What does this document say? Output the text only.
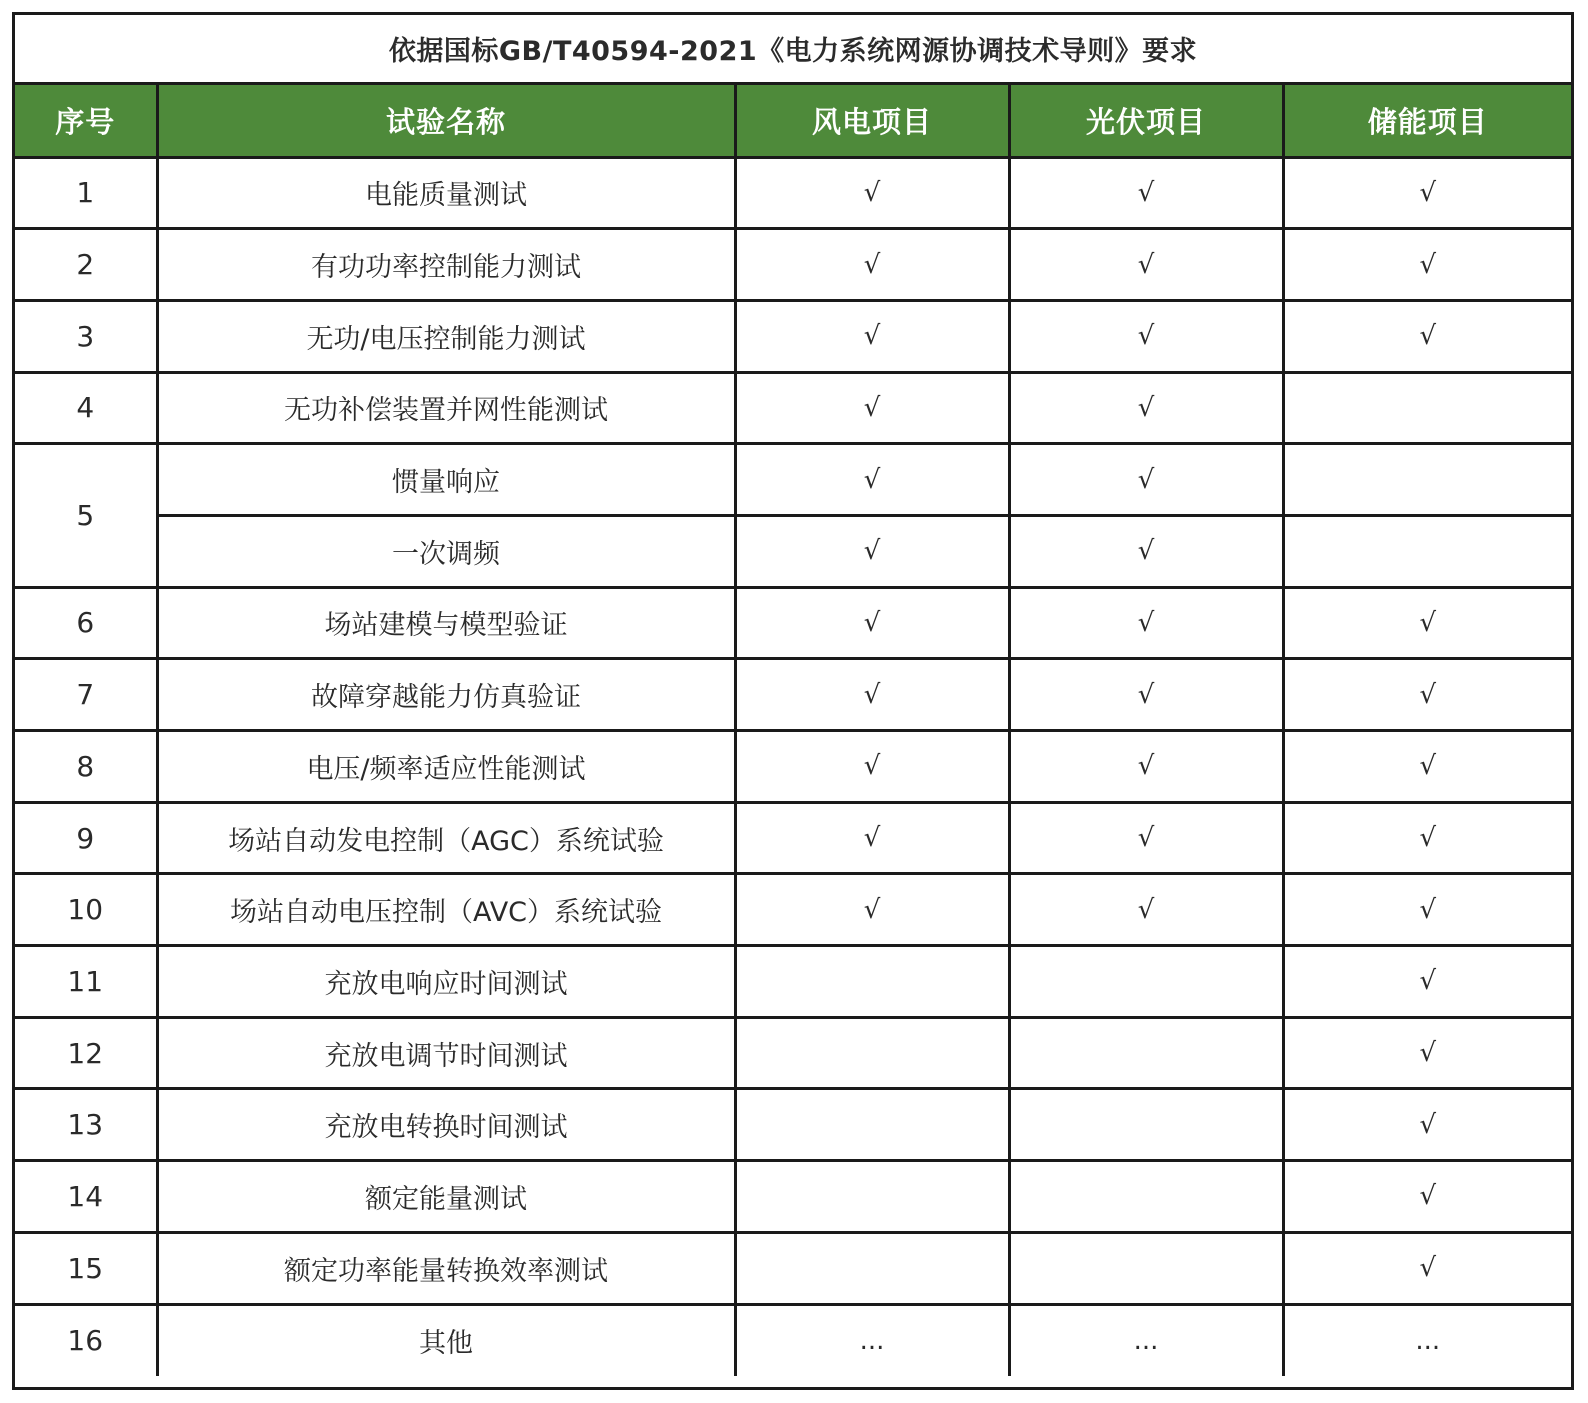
依据国标GB/T40594-2021《电力系统网源协调技术导则》要求
序号	试验名称	风电项目	光伏项目	储能项目
1	电能质量测试	√	√	√
2	有功功率控制能力测试	√	√	√
3	无功/电压控制能力测试	√	√	√
4	无功补偿装置并网性能测试	√	√	
5	惯量响应	√	√	
	一次调频	√	√	
6	场站建模与模型验证	√	√	√
7	故障穿越能力仿真验证	√	√	√
8	电压/频率适应性能测试	√	√	√
9	场站自动发电控制（AGC）系统试验	√	√	√
10	场站自动电压控制（AVC）系统试验	√	√	√
11	充放电响应时间测试			√
12	充放电调节时间测试			√
13	充放电转换时间测试			√
14	额定能量测试			√
15	额定功率能量转换效率测试			√
16	其他	...	...	...
